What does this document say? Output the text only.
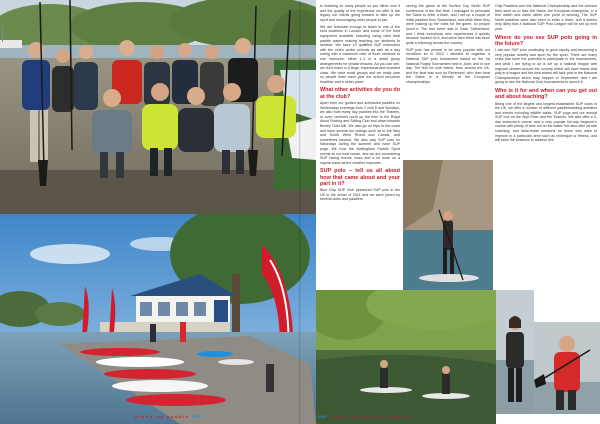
stand up paddle SUP

to teaching so many people so you either love it and the quality of the experience we offer is the legacy our clients going forward to take up the sport and encouraging other people to join.

We are fortunate enough to teach in one of the best locations in London and some of the best equipment available including using calm tidal paddle waters making teaching our students to achieve. We have 10 qualified SUP instructors with the club's active schools as well as a day outing with a maximum ratio of three students to one instructor, either 1-1 or a small group arrangements for private lessons. As you can see, we don't teach in a large, impersonal and crowded class. We have small groups and we really care so people learn each year the school becomes healthier and a better place.

What other activities do you do at the club?

Apart from our guided and scheduled paddles on Wednesday evenings from 2 until 5 and Sundays, we also host many day paddles into the Thames, or even ventured north up the river to the Royal Ascot Rowing and Sailing Club and down towards Bexley Tidal Mill. We also go on trips to the coast and have several fun outings such as to the Wey and South West Rivers and Canals, and sometimes beyond. We also play SUP polo on Saturdays during the summer and have SUP yoga. We host the Nottingham Paddle Sport events at our boat house, and we are considering SUP racing events, tours and a lot more on a regular basis as the weather improves.

SUP polo – tell us all about how that came about and your part in it?

Blue Chip SUP Club pioneered SUP polo in the UK in the winter of 2011 and we were joined by several clubs and paddlers

seeing the game at the Surfers Cup Berlin SUP conference in the first time. I managed to persuade the Swiss to enter a team, and I set up a couple of initial paddles from Switzerland, and while there they were making up the rules for the game, so people loved it. The first event was in Gala, Switzerland, and I think everybody who experienced it quickly became hooked on it, and since then there has been quite a following across the country.

SUP polo has proved to be very popular with our members so in 2012 I decided to organise a National SUP polo tournament based on the 1st National Rugby Tournament held in June, and in one day. The first six club teams, from around the UK, and the final was won by Richmond, who then beat the Swiss in a friendly at the European championships.

Chip Paddlers won the National Championship and the winners then went on to face the Swiss, the European champions, in a test match and came within one point of winning. The SUP North paddlers were also keen to enter a team, and it seems very likely that a National SUP Polo League will be set up next year.

Where do you see SUP polo going in the future?

I can see SUP polo continuing to grow rapidly and becoming a very popular activity and sport for the sport. There are many clubs that have the potential to participate in the tournaments, and what I am trying to do is set up a national league with regional centres around the country which will have teams that play in a league and the best teams will take part in the National Championships which may happen in September, and I am going to use the National Club tournaments to launch it.

Who is it for and when can you get out and about teaching?

Being one of the largest and longest-established SUP clubs in the UK, we offer a number of different paddleboarding activities and events including wildlife walks, SUP yoga and our annual SUP tour on the Wye River and the Thames. We also offer a 3-day instructor's course and a very popular full-day beginner's course with plenty of time out on the water. We also offer private coaching, and tailor-made sessions for those who want to improve in a particular area such as technique or fitness, and will tailor the sessions to achieve this.

SUP stand up paddle mag uk
